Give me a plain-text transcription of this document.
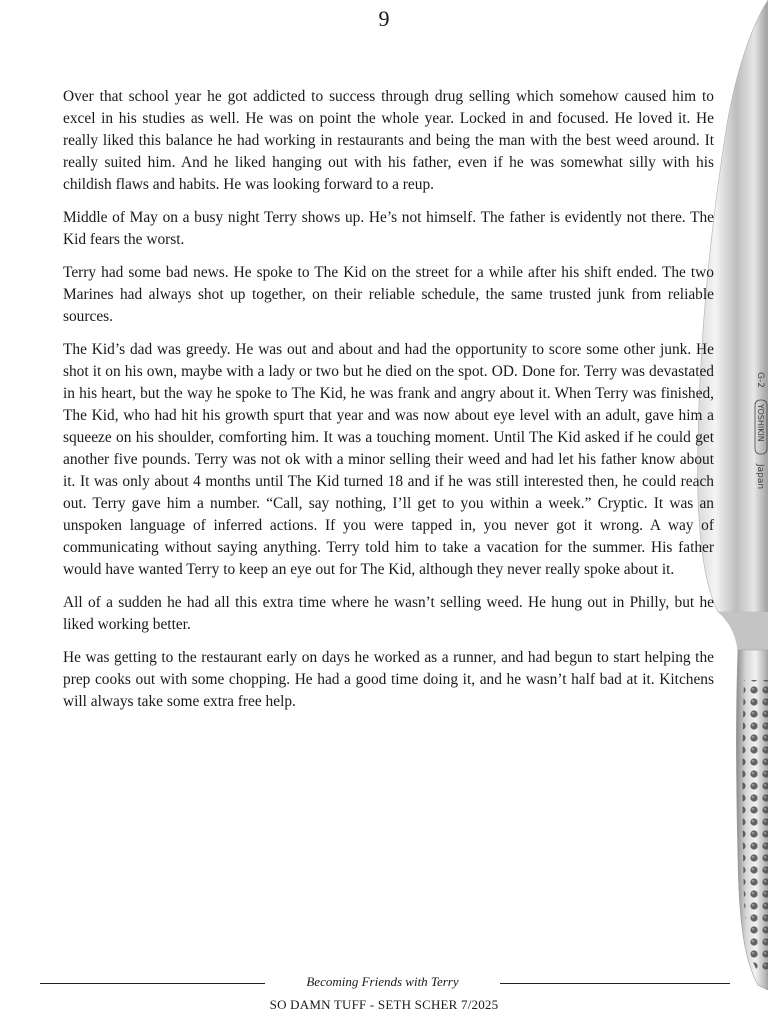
9
G-2
YOSHIKIN
Japan

Over that school year he got addicted to success through drug selling which somehow caused him to excel in his studies as well. He was on point the whole year. Locked in and focused. He loved it. He really liked this balance he had working in restaurants and being the man with the best weed around. It really suited him. And he liked hanging out with his father, even if he was somewhat silly with his childish flaws and habits. He was looking forward to a reup.

Middle of May on a busy night Terry shows up. He’s not himself. The father is evidently not there. The Kid fears the worst.

Terry had some bad news. He spoke to The Kid on the street for a while after his shift ended. The two Marines had always shot up together, on their reliable schedule, the same trusted junk from reliable sources.

The Kid’s dad was greedy. He was out and about and had the opportunity to score some other junk. He shot it on his own, maybe with a lady or two but he died on the spot. OD. Done for. Terry was devastated in his heart, but the way he spoke to The Kid, he was frank and angry about it. When Terry was finished, The Kid, who had hit his growth spurt that year and was now about eye level with an adult, gave him a squeeze on his shoulder, comforting him. It was a touching moment. Until The Kid asked if he could get another five pounds. Terry was not ok with a minor selling their weed and had let his father know about it. It was only about 4 months until The Kid turned 18 and if he was still interested then, he could reach out. Terry gave him a number. “Call, say nothing, I’ll get to you within a week.” Cryptic. It was an unspoken language of inferred actions. If you were tapped in, you never got it wrong. A way of communicating without saying anything. Terry told him to take a vacation for the summer. His father would have wanted Terry to keep an eye out for The Kid, although they never really spoke about it.

All of a sudden he had all this extra time where he wasn’t selling weed. He hung out in Philly, but he liked working better.

He was getting to the restaurant early on days he worked as a runner, and had begun to start helping the prep cooks out with some chopping. He had a good time doing it, and he wasn’t half bad at it. Kitchens will always take some extra free help.

Becoming Friends with Terry
SO DAMN TUFF - SETH SCHER 7/2025
